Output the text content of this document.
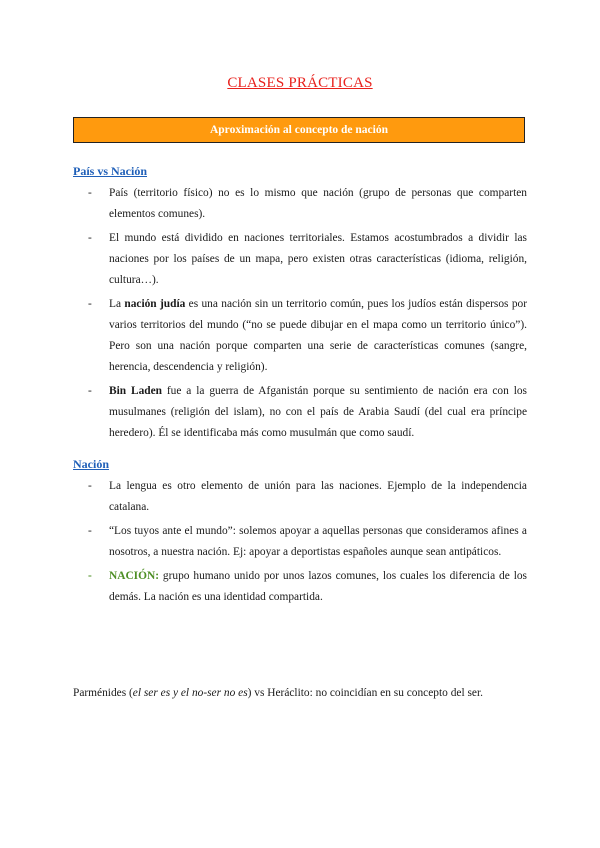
CLASES PRÁCTICAS
Aproximación al concepto de nación
País vs Nación
- País (territorio físico) no es lo mismo que nación (grupo de personas que comparten elementos comunes).
- El mundo está dividido en naciones territoriales. Estamos acostumbrados a dividir las naciones por los países de un mapa, pero existen otras características (idioma, religión, cultura…).
- La nación judía es una nación sin un territorio común, pues los judíos están dispersos por varios territorios del mundo (“no se puede dibujar en el mapa como un territorio único”). Pero son una nación porque comparten una serie de características comunes (sangre, herencia, descendencia y religión).
- Bin Laden fue a la guerra de Afganistán porque su sentimiento de nación era con los musulmanes (religión del islam), no con el país de Arabia Saudí (del cual era príncipe heredero). Él se identificaba más como musulmán que como saudí.
Nación
- La lengua es otro elemento de unión para las naciones. Ejemplo de la independencia catalana.
- “Los tuyos ante el mundo”: solemos apoyar a aquellas personas que consideramos afines a nosotros, a nuestra nación. Ej: apoyar a deportistas españoles aunque sean antipáticos.
- NACIÓN: grupo humano unido por unos lazos comunes, los cuales los diferencia de los demás. La nación es una identidad compartida.
Parménides (el ser es y el no-ser no es) vs Heráclito: no coincidían en su concepto del ser.
